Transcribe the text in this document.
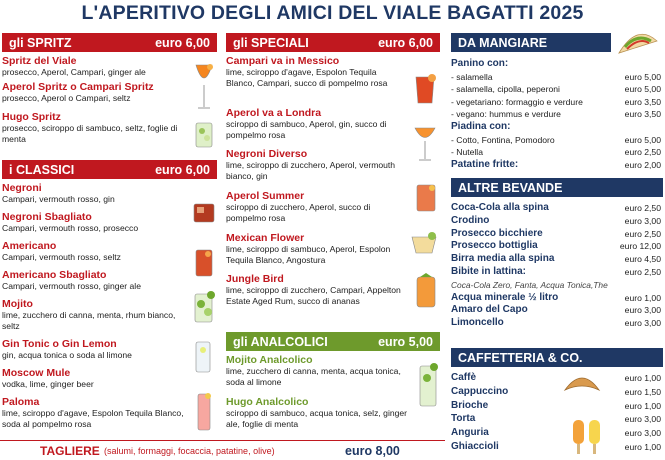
L'APERITIVO DEGLI AMICI DEL VIALE BAGATTI 2025
gli SPRITZ	euro 6,00
Spritz del Viale
prosecco, Aperol, Campari, ginger ale
Aperol Spritz o Campari Spritz
prosecco, Aperol o Campari, seltz
Hugo Spritz
prosecco, sciroppo di sambuco, seltz, foglie di menta
i CLASSICI	euro 6,00
Negroni
Campari, vermouth rosso, gin
Negroni Sbagliato
Campari, vermouth rosso, prosecco
Americano
Campari, vermouth rosso, seltz
Americano Sbagliato
Campari, vermouth rosso, ginger ale
Mojito
lime, zucchero di canna, menta, rhum bianco, seltz
Gin Tonic o Gin Lemon
gin, acqua tonica o soda al limone
Moscow Mule
vodka, lime, ginger beer
Paloma
lime, sciroppo d'agave, Espolon Tequila Blanco, soda al pompelmo rosa
gli SPECIALI	euro 6,00
Campari va in Messico
lime, sciroppo d'agave, Espolon Tequila Blanco, Campari, succo di pompelmo rosa
Aperol va a Londra
sciroppo di sambuco, Aperol, gin, succo di pompelmo rosa
Negroni Diverso
lime, sciroppo di zucchero, Aperol, vermouth bianco, gin
Aperol Summer
sciroppo di zucchero, Aperol, succo di pompelmo rosa
Mexican Flower
lime, sciroppo di sambuco, Aperol, Espolon Tequila Blanco, Angostura
Jungle Bird
lime, sciroppo di zucchero, Campari, Appelton Estate Aged Rum, succo di ananas
gli ANALCOLICI	euro 5,00
Mojito Analcolico
lime, zucchero di canna, menta, acqua tonica, soda al limone
Hugo Analcolico
sciroppo di sambuco, acqua tonica, selz, ginger ale, foglie di menta
TAGLIERE (salumi, formaggi, focaccia, patatine, olive)	euro 8,00
DA MANGIARE
Panino con:
- salamella	euro 5,00
- salamella, cipolla, peperoni	euro 5,00
- vegetariano: formaggio e verdure	euro 3,50
- vegano: hummus e verdure	euro 3,50
Piadina con:
- Cotto, Fontina, Pomodoro	euro 5,00
- Nutella	euro 2,50
Patatine fritte:	euro 2,00
ALTRE BEVANDE
Coca-Cola alla spina	euro 2,50
Crodino	euro 3,00
Prosecco bicchiere	euro 2,50
Prosecco bottiglia	euro 12,00
Birra media alla spina	euro 4,50
Bibite in lattina:	euro 2,50
Coca-Cola Zero, Fanta, Acqua Tonica,The
Acqua minerale ½ litro	euro 1,00
Amaro del Capo	euro 3,00
Limoncello	euro 3,00
CAFFETTERIA & CO.
Caffè	euro 1,00
Cappuccino	euro 1,50
Brioche	euro 1,00
Torta	euro 3,00
Anguria	euro 3,00
Ghiaccioli	euro 1,00
